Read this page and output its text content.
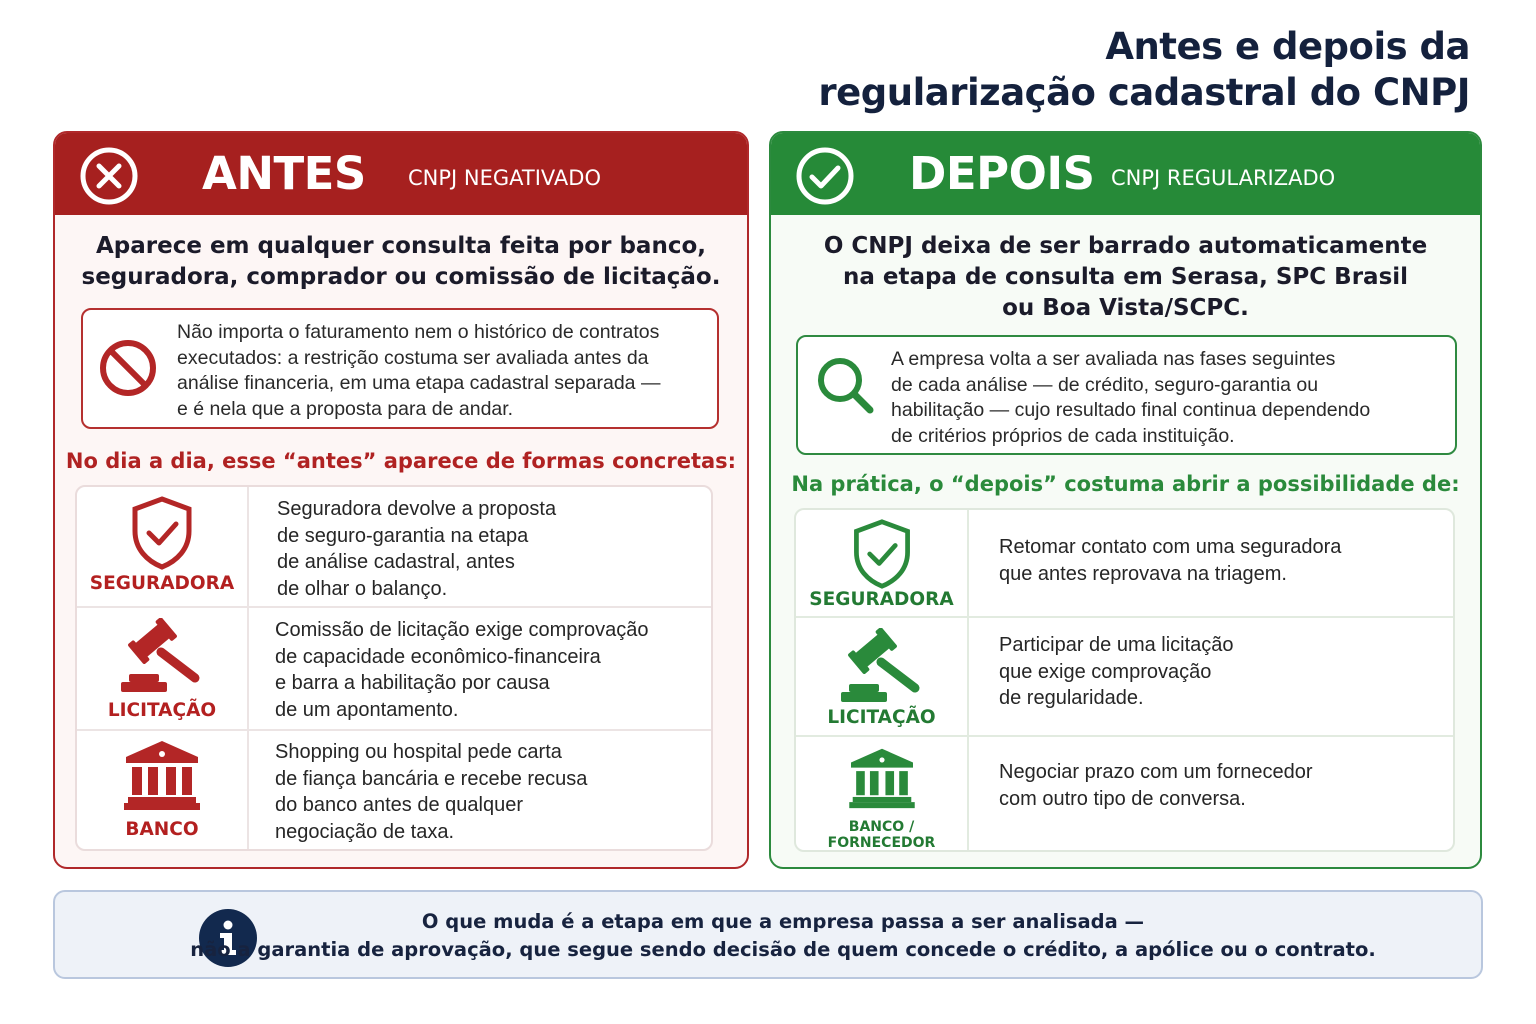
Antes e depois da
regularização cadastral do CNPJ
ANTES CNPJ NEGATIVADO
Aparece em qualquer consulta feita por banco,
seguradora, comprador ou comissão de licitação.
Não importa o faturamento nem o histórico de contratos
executados: a restrição costuma ser avaliada antes da
análise financeria, em uma etapa cadastral separada —
e é nela que a proposta para de andar.
No dia a dia, esse “antes” aparece de formas concretas:
SEGURADORA
Seguradora devolve a proposta
de seguro-garantia na etapa
de análise cadastral, antes
de olhar o balanço.
LICITAÇÃO
Comissão de licitação exige comprovação
de capacidade econômico-financeira
e barra a habilitação por causa
de um apontamento.
BANCO
Shopping ou hospital pede carta
de fiança bancária e recebe recusa
do banco antes de qualquer
negociação de taxa.
DEPOIS CNPJ REGULARIZADO
O CNPJ deixa de ser barrado automaticamente
na etapa de consulta em Serasa, SPC Brasil
ou Boa Vista/SCPC.
A empresa volta a ser avaliada nas fases seguintes
de cada análise — de crédito, seguro-garantia ou
habilitação — cujo resultado final continua dependendo
de critérios próprios de cada instituição.
Na prática, o “depois” costuma abrir a possibilidade de:
SEGURADORA
Retomar contato com uma seguradora
que antes reprovava na triagem.
LICITAÇÃO
Participar de uma licitação
que exige comprovação
de regularidade.
BANCO / FORNECEDOR
Negociar prazo com um fornecedor
com outro tipo de conversa.
O que muda é a etapa em que a empresa passa a ser analisada —
não a garantia de aprovação, que segue sendo decisão de quem concede o crédito, a apólice ou o contrato.
